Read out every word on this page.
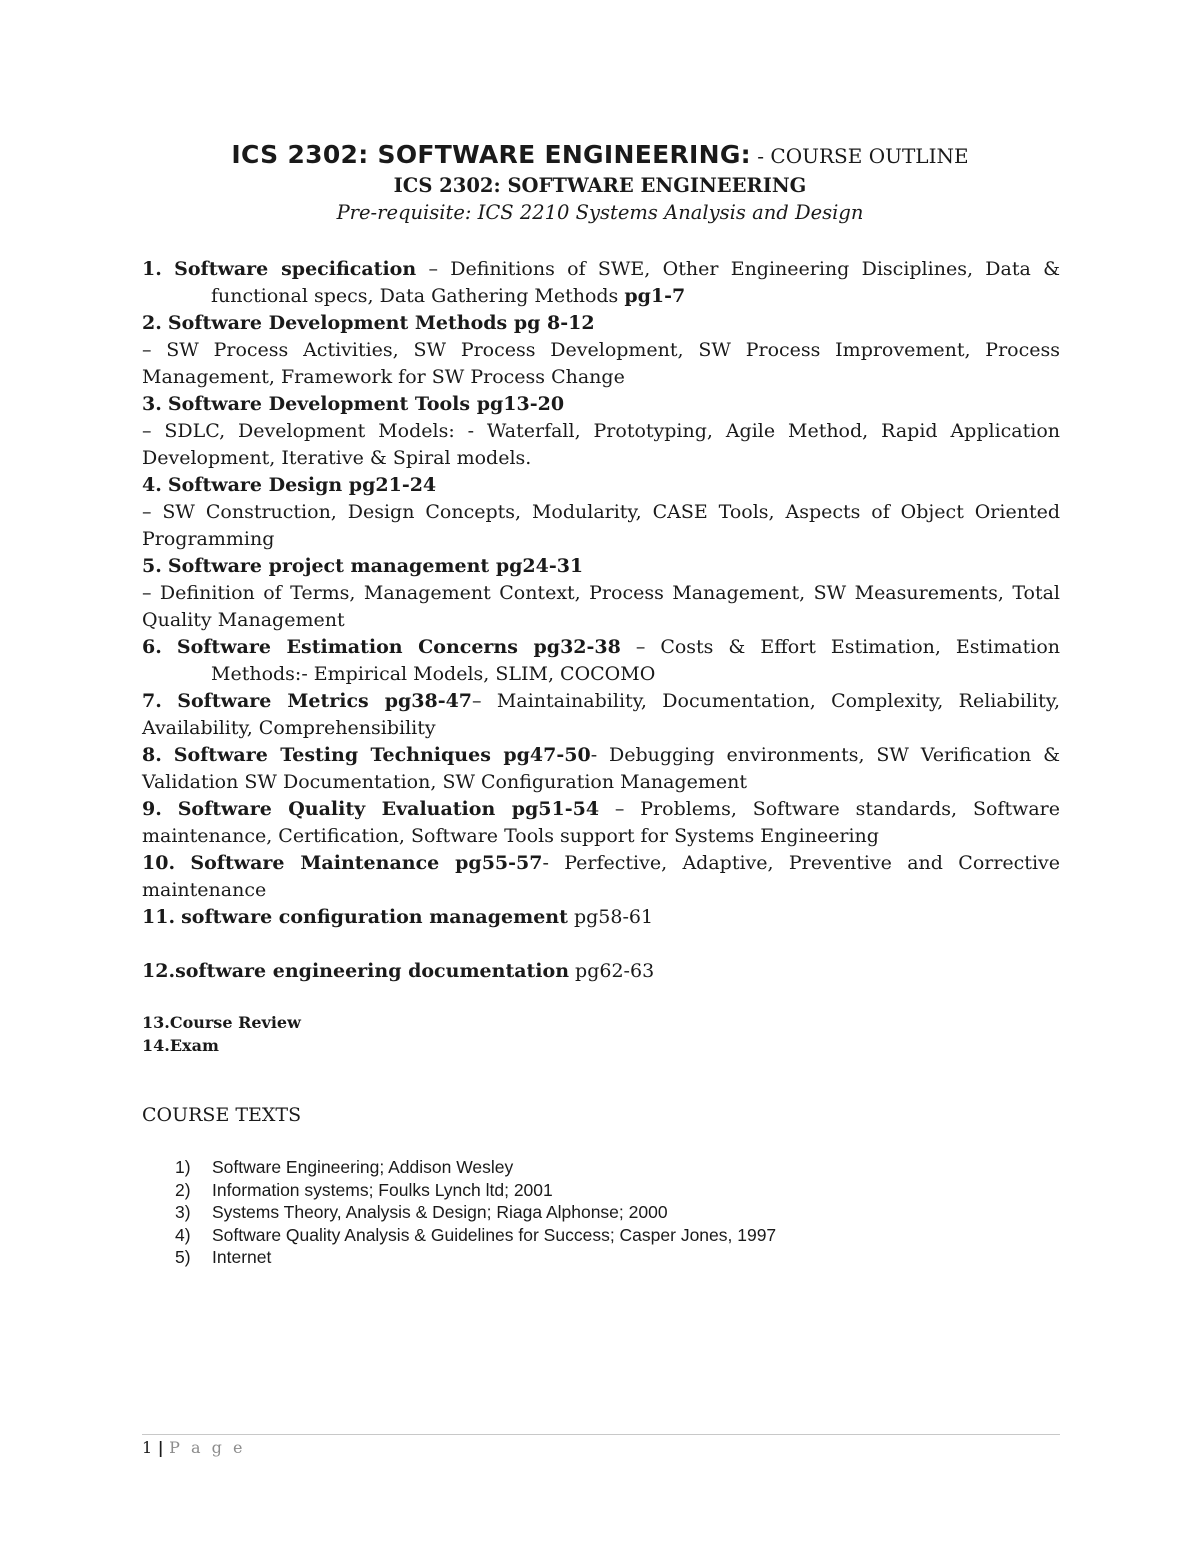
ICS 2302: SOFTWARE ENGINEERING: - COURSE OUTLINE
ICS 2302: SOFTWARE ENGINEERING
Pre-requisite: ICS 2210 Systems Analysis and Design

1. Software specification – Definitions of SWE, Other Engineering Disciplines, Data & functional specs, Data Gathering Methods pg1-7

2. Software Development Methods pg 8-12
– SW Process Activities, SW Process Development, SW Process Improvement, Process Management, Framework for SW Process Change

3. Software Development Tools pg13-20
– SDLC, Development Models: - Waterfall, Prototyping, Agile Method, Rapid Application Development, Iterative & Spiral models.

4. Software Design pg21-24
– SW Construction, Design Concepts, Modularity, CASE Tools, Aspects of Object Oriented Programming

5. Software project management pg24-31
– Definition of Terms, Management Context, Process Management, SW Measurements, Total Quality Management

6. Software Estimation Concerns pg32-38 – Costs & Effort Estimation, Estimation Methods:- Empirical Models, SLIM, COCOMO

7. Software Metrics pg38-47– Maintainability, Documentation, Complexity, Reliability, Availability, Comprehensibility

8. Software Testing Techniques pg47-50- Debugging environments, SW Verification & Validation SW Documentation, SW Configuration Management

9. Software Quality Evaluation pg51-54 – Problems, Software standards, Software maintenance, Certification, Software Tools support for Systems Engineering

10. Software Maintenance pg55-57- Perfective, Adaptive, Preventive and Corrective maintenance

11. software configuration management pg58-61

12.software engineering documentation pg62-63

13.Course Review
14.Exam
COURSE TEXTS
1) Software Engineering; Addison Wesley
2) Information systems; Foulks Lynch ltd; 2001
3) Systems Theory, Analysis & Design; Riaga Alphonse; 2000
4) Software Quality Analysis & Guidelines for Success; Casper Jones, 1997
5) Internet
1 | P a g e
